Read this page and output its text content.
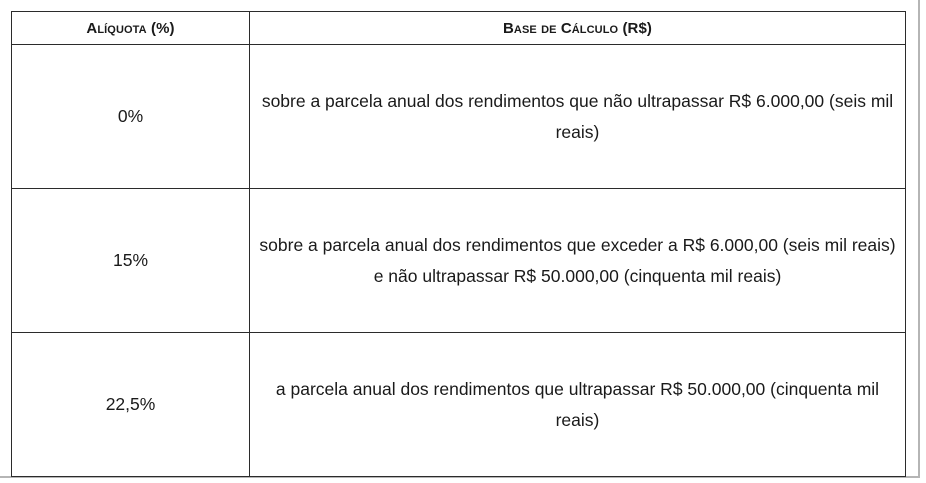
Alíquota (%)	Base de Cálculo (R$)
0%	sobre a parcela anual dos rendimentos que não ultrapassar R$ 6.000,00 (seis mil reais)
15%	sobre a parcela anual dos rendimentos que exceder a R$ 6.000,00 (seis mil reais) e não ultrapassar R$ 50.000,00 (cinquenta mil reais)
22,5%	a parcela anual dos rendimentos que ultrapassar R$ 50.000,00 (cinquenta mil reais)
